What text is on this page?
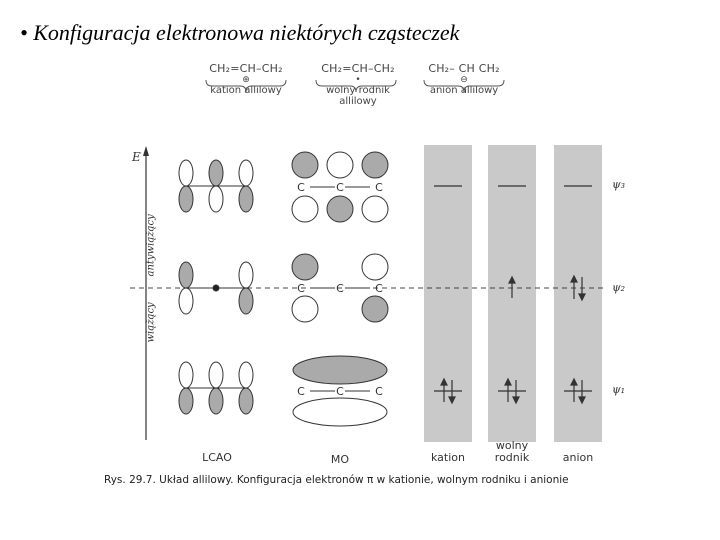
• Konfiguracja elektronowa niektórych cząsteczek
CH₂=CH–CH₂
⊕
kation allilowy
CH₂=CH–CH₂
•
wolny rodnik allilowy
CH₂– CH CH₂
⊖
anion allilowy
C	C	C
C	C	C
C	C	C
E
antywiążący
wiążący
ψ₃
ψ₂
ψ₁
LCAO	MO	kation
wolny rodnik	anion
Rys. 29.7. Układ allilowy. Konfiguracja elektronów π w kationie, wolnym rodniku i anionie
